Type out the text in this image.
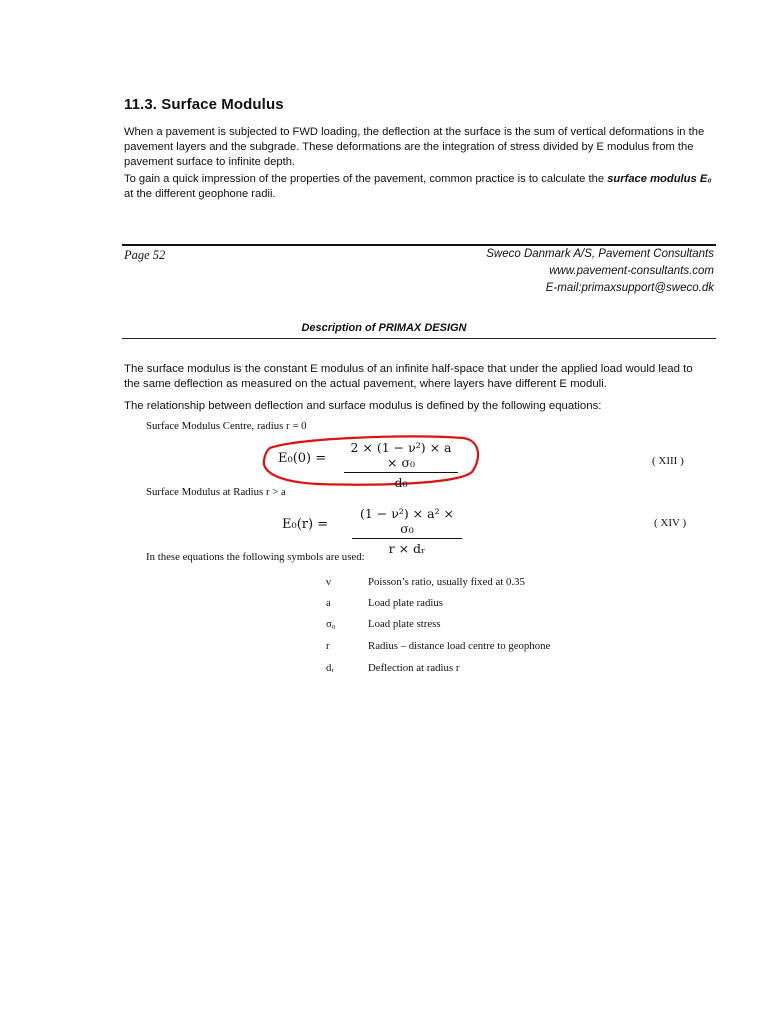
11.3. Surface Modulus
When a pavement is subjected to FWD loading, the deflection at the surface is the sum of vertical deformations in the pavement layers and the subgrade. These deformations are the integration of stress divided by E modulus from the pavement surface to infinite depth.
To gain a quick impression of the properties of the pavement, common practice is to calculate the surface modulus E₀ at the different geophone radii.
Page 52	Sweco Danmark A/S, Pavement Consultants
www.pavement-consultants.com
E-mail:primaxsupport@sweco.dk
Description of PRIMAX DESIGN
The surface modulus is the constant E modulus of an infinite half-space that under the applied load would lead to the same deflection as measured on the actual pavement, where layers have different E moduli.
The relationship between deflection and surface modulus is defined by the following equations:
Surface Modulus Centre, radius r = 0
E₀(0) =
2 × (1 − ν²) × a × σ₀
d₀
( XIII )
Surface Modulus at Radius r > a
E₀(r) =
(1 − ν²) × a² × σ₀
r × dᵣ
( XIV )
In these equations the following symbols are used:
ν	Poisson’s ratio, usually fixed at 0.35
a	Load plate radius
σ₀	Load plate stress
r	Radius – distance load centre to geophone
dᵣ	Deflection at radius r
